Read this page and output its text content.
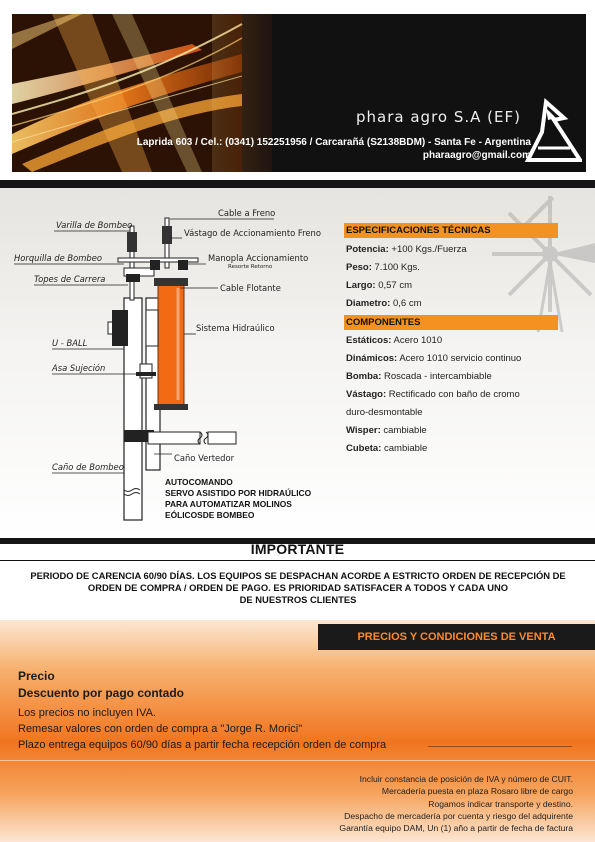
phara agro S.A (EF)
Laprida 603 / Cel.: (0341) 152251956 / Carcarañá (S2138BDM) - Santa Fe - Argentina
pharaagro@gmail.com
Varilla de Bombeo
Horquilla de Bombeo
Topes de Carrera
U - BALL
Asa Sujeción
Caño de Bombeo
Cable a Freno
Vástago de Accionamiento Freno
Manopla Accionamiento
Resorte Retorno
Cable Flotante
Sistema Hidraúlico
Caño Vertedor
ESPECIFICACIONES TÉCNICAS
Potencia: +100 Kgs./Fuerza
Peso: 7.100 Kgs.
Largo: 0,57 cm
Diametro: 0,6 cm
COMPONENTES
Estáticos: Acero 1010
Dinámicos: Acero 1010 servicio continuo
Bomba: Roscada - intercambiable
Vástago: Rectificado con baño de cromo
duro-desmontable
Wisper: cambiable
Cubeta: cambiable
AUTOCOMANDO
SERVO ASISTIDO POR HIDRAÚLICO
PARA AUTOMATIZAR MOLINOS
EÓLICOSDE BOMBEO
IMPORTANTE
PERIODO DE CARENCIA 60/90 DÍAS. LOS EQUIPOS SE DESPACHAN ACORDE A ESTRICTO ORDEN DE RECEPCIÓN DE
ORDEN DE COMPRA / ORDEN DE PAGO. ES PRIORIDAD SATISFACER A TODOS Y CADA UNO
DE NUESTROS CLIENTES
PRECIOS Y CONDICIONES DE VENTA
Precio
Descuento por pago contado
Los precios no incluyen IVA.
Remesar valores con orden de compra a "Jorge R. Morici"
Plazo entrega equipos 60/90 días a partir fecha recepción orden de compra
Incluir constancia de posición de IVA y número de CUIT.
Mercadería puesta en plaza Rosaro libre de cargo
Rogamos indicar transporte y destino.
Despacho de mercadería por cuenta y riesgo del adquirente
Garantía equipo DAM, Un (1) año a partir de fecha de factura
